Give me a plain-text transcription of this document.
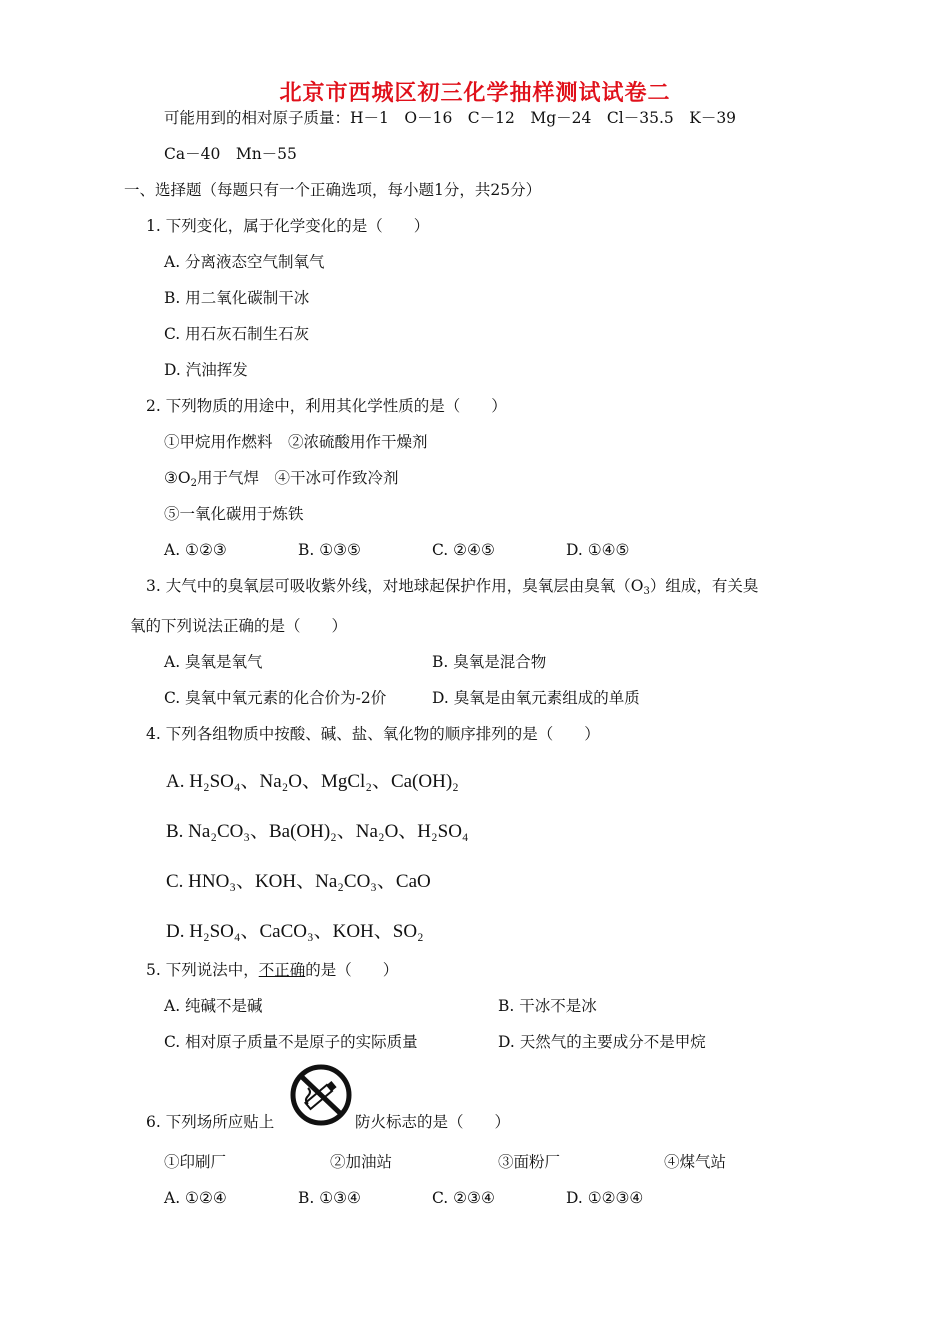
北京市西城区初三化学抽样测试试卷二
可能用到的相对原子质量：H－1　O－16　C－12　Mg－24　Cl－35.5　K－39
Ca－40　Mn－55
一、选择题（每题只有一个正确选项，每小题1分，共25分）
1. 下列变化，属于化学变化的是（　　）
A. 分离液态空气制氧气
B. 用二氧化碳制干冰
C. 用石灰石制生石灰
D. 汽油挥发
2. 下列物质的用途中，利用其化学性质的是（　　）
①甲烷用作燃料　②浓硫酸用作干燥剂
$③O_2$用于气焊　④干冰可作致冷剂
⑤一氧化碳用于炼铁
A. ①②③	B. ①③⑤	C. ②④⑤	D. ①④⑤
3. 大气中的臭氧层可吸收紫外线，对地球起保护作用，臭氧层由臭氧$(O_3)$组成，有关臭
氧的下列说法正确的是（　　）
A. 臭氧是氧气	B. 臭氧是混合物
C. 臭氧中氧元素的化合价为-2价	D. 臭氧是由氧元素组成的单质
4. 下列各组物质中按酸、碱、盐、氧化物的顺序排列的是（　　）
A. H₂SO₄、Na₂O、MgCl₂、Ca(OH)₂
B. Na₂CO₃、Ba(OH)₂、Na₂O、H₂SO₄
C. HNO₃、KOH、Na₂CO₃、CaO
D. H₂SO₄、CaCO₃、KOH、SO₂
5. 下列说法中，不正确的是（　　）
A. 纯碱不是碱	B. 干冰不是冰
C. 相对原子质量不是原子的实际质量	D. 天然气的主要成分不是甲烷
6. 下列场所应贴上	防火标志的是（　　）
①印刷厂	②加油站	③面粉厂	④煤气站
A. ①②④	B. ①③④	C. ②③④	D. ①②③④
